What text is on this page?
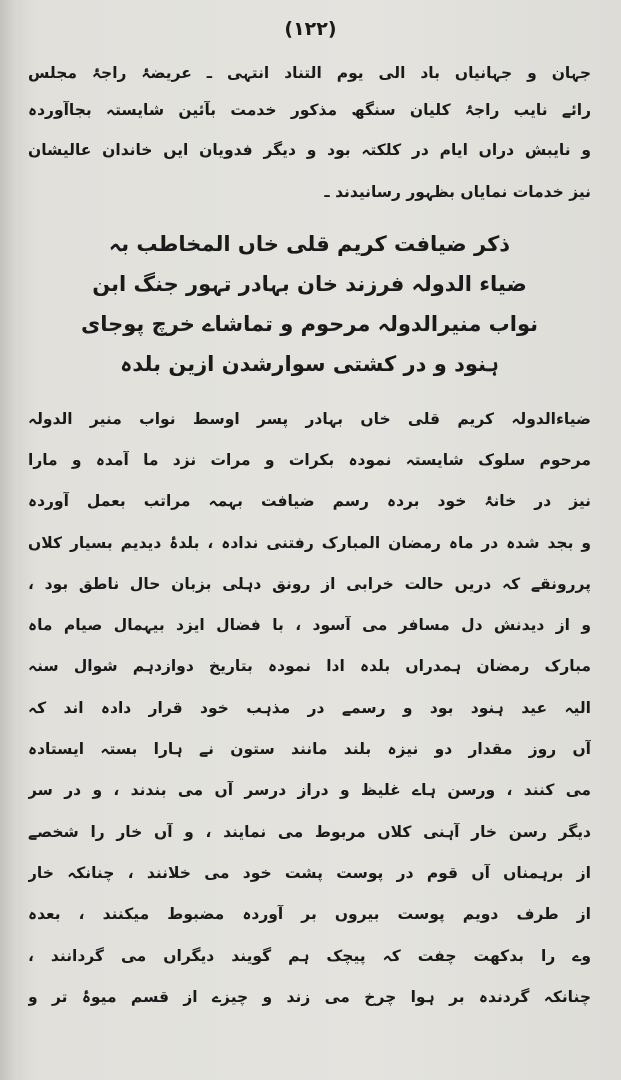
(۱۲۲)
جہان و جہانیاں باد الی یوم التناد انتہی ـ عریضۂ راجۂ مجلس
رائے نایب راجۂ کلیان سنگھ مذکور خدمت بآئین شایستہ بجاآوردہ
و نایبش دراں ایام در کلکتہ بود و دیگر فدویان ایں خاندان عالیشان
نیز خدمات نمایاں بظہور رسانیدند ـ
ذکر ضیافت کریم قلی خاں المخاطب بہ
ضیاء الدولہ فرزند خان بہادر تہور جنگ ابن
نواب منیرالدولہ مرحوم و تماشاے خرچ پوجای
ہنود و در کشتی سوارشدن ازین بلدہ
ضیاءالدولہ کریم قلی خاں بہادر پسر اوسط نواب منیر الدولہ
مرحوم سلوک شایستہ نمودہ بکرات و مرات نزد ما آمدہ و مارا
نیز در خانۂ خود بردہ رسم ضیافت بہمہ مراتب بعمل آوردہ
و بجد شدہ در ماہ رمضان المبارک رفتنی ندادہ ، بلدۂ دیدیم بسیار کلاں
پررونقے کہ دریں حالت خرابی از رونق دہلی بزبان حال ناطق بود ،
و از دیدنش دل مسافر می آسود ، با فضال ایزد بیہمال صیام ماہ
مبارک رمضان ہمدراں بلدہ ادا نمودہ بتاریخ دوازدہم شوال سنہ
الیہ عید ہنود بود و رسمے در مذہب خود قرار دادہ اند کہ
آں روز مقدار دو نیزہ بلند مانند ستون نے ہارا بستہ ایستادہ
می کنند ، ورسن ہاے غلیظ و دراز درسر آں می بندند ، و در سر
دیگر رسن خار آہنی کلاں مربوط می نمایند ، و آں خار را شخصے
از برہمناں آں قوم در پوست پشت خود می خلانند ، چنانکہ خار
از طرف دویم پوست بیروں بر آوردہ مضبوط میکنند ، بعدہ
وے را بدکھت چفت کہ پیچک ہم گویند دیگراں می گردانند ،
چنانکہ گردندہ بر ہوا چرخ می زند و چیزے از قسم میوۂ تر و
